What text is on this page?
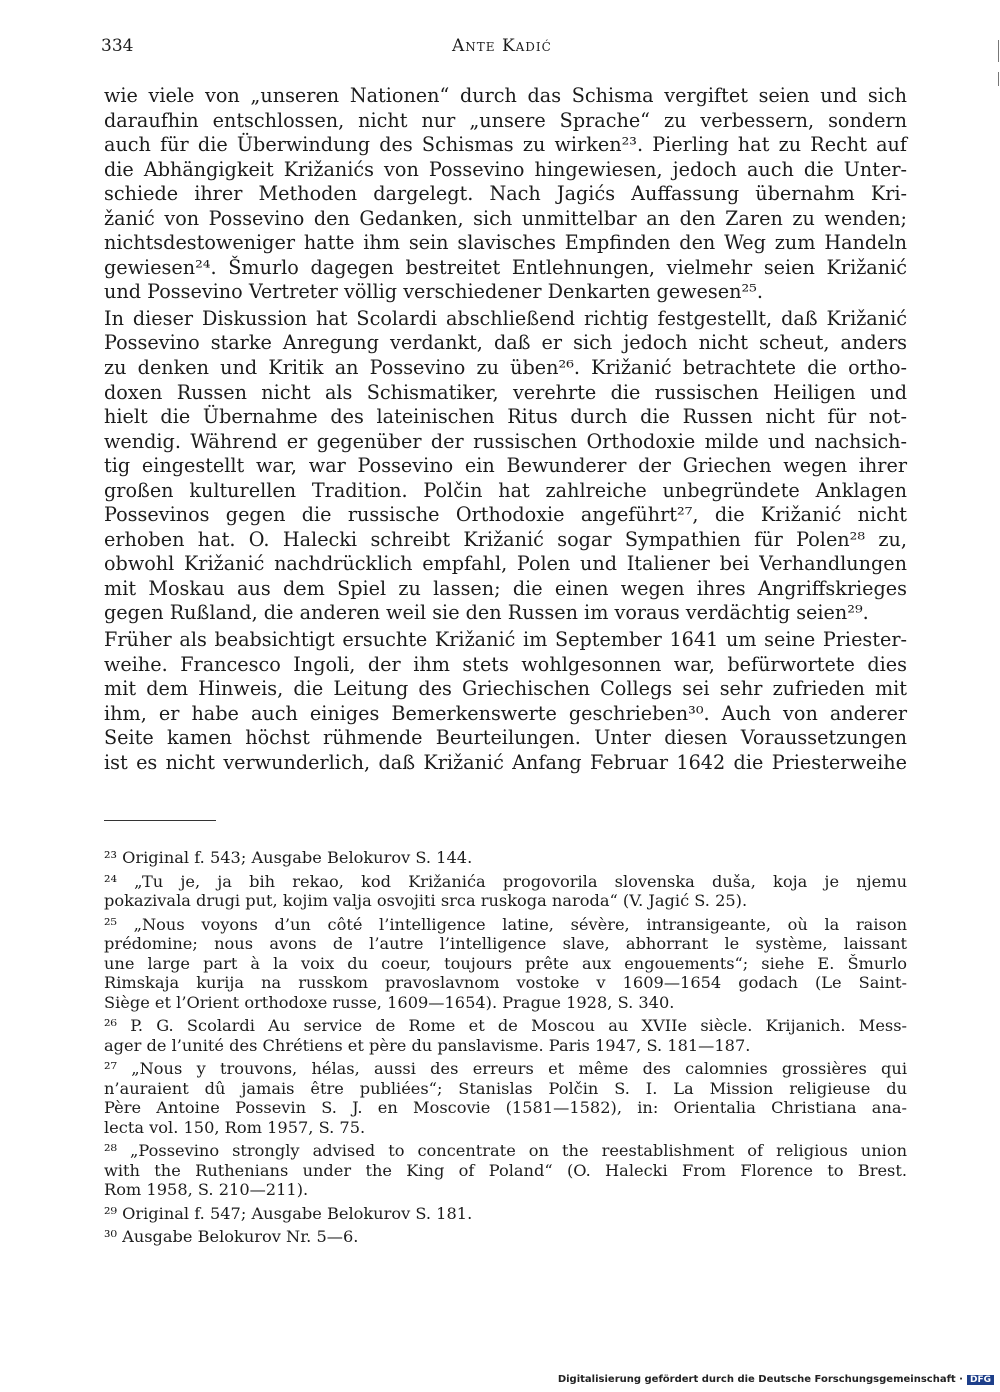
334	Ante Kadić
wie viele von „unseren Nationen“ durch das Schisma vergiftet seien und sich
daraufhin entschlossen, nicht nur „unsere Sprache“ zu verbessern, sondern
auch für die Überwindung des Schismas zu wirken²³. Pierling hat zu Recht auf
die Abhängigkeit Križanićs von Possevino hingewiesen, jedoch auch die Unter-
schiede ihrer Methoden dargelegt. Nach Jagićs Auffassung übernahm Kri-
žanić von Possevino den Gedanken, sich unmittelbar an den Zaren zu wenden;
nichtsdestoweniger hatte ihm sein slavisches Empfinden den Weg zum Handeln
gewiesen²⁴. Šmurlo dagegen bestreitet Entlehnungen, vielmehr seien Križanić
und Possevino Vertreter völlig verschiedener Denkarten gewesen²⁵.
In dieser Diskussion hat Scolardi abschließend richtig festgestellt, daß Križanić
Possevino starke Anregung verdankt, daß er sich jedoch nicht scheut, anders
zu denken und Kritik an Possevino zu üben²⁶. Križanić betrachtete die ortho-
doxen Russen nicht als Schismatiker, verehrte die russischen Heiligen und
hielt die Übernahme des lateinischen Ritus durch die Russen nicht für not-
wendig. Während er gegenüber der russischen Orthodoxie milde und nachsich-
tig eingestellt war, war Possevino ein Bewunderer der Griechen wegen ihrer
großen kulturellen Tradition. Polčin hat zahlreiche unbegründete Anklagen
Possevinos gegen die russische Orthodoxie angeführt²⁷, die Križanić nicht
erhoben hat. O. Halecki schreibt Križanić sogar Sympathien für Polen²⁸ zu,
obwohl Križanić nachdrücklich empfahl, Polen und Italiener bei Verhandlungen
mit Moskau aus dem Spiel zu lassen; die einen wegen ihres Angriffskrieges
gegen Rußland, die anderen weil sie den Russen im voraus verdächtig seien²⁹.
Früher als beabsichtigt ersuchte Križanić im September 1641 um seine Priester-
weihe. Francesco Ingoli, der ihm stets wohlgesonnen war, befürwortete dies
mit dem Hinweis, die Leitung des Griechischen Collegs sei sehr zufrieden mit
ihm, er habe auch einiges Bemerkenswerte geschrieben³⁰. Auch von anderer
Seite kamen höchst rühmende Beurteilungen. Unter diesen Voraussetzungen
ist es nicht verwunderlich, daß Križanić Anfang Februar 1642 die Priesterweihe
²³ Original f. 543; Ausgabe Belokurov S. 144.
²⁴ „Tu je, ja bih rekao, kod Križanića progovorila slovenska duša, koja je njemu
pokazivala drugi put, kojim valja osvojiti srca ruskoga naroda“ (V. Jagić S. 25).
²⁵ „Nous voyons d’un côté l’intelligence latine, sévère, intransigeante, où la raison
prédomine; nous avons de l’autre l’intelligence slave, abhorrant le système, laissant
une large part à la voix du coeur, toujours prête aux engouements“; siehe E. Šmurlo
Rimskaja kurija na russkom pravoslavnom vostoke v 1609—1654 godach (Le Saint-
Siège et l’Orient orthodoxe russe, 1609—1654). Prague 1928, S. 340.
²⁶ P. G. Scolardi Au service de Rome et de Moscou au XVIIe siècle. Krijanich. Mess-
ager de l’unité des Chrétiens et père du panslavisme. Paris 1947, S. 181—187.
²⁷ „Nous y trouvons, hélas, aussi des erreurs et même des calomnies grossières qui
n’auraient dû jamais être publiées“; Stanislas Polčin S. I. La Mission religieuse du
Père Antoine Possevin S. J. en Moscovie (1581—1582), in: Orientalia Christiana ana-
lecta vol. 150, Rom 1957, S. 75.
²⁸ „Possevino strongly advised to concentrate on the reestablishment of religious union
with the Ruthenians under the King of Poland“ (O. Halecki From Florence to Brest.
Rom 1958, S. 210—211).
²⁹ Original f. 547; Ausgabe Belokurov S. 181.
³⁰ Ausgabe Belokurov Nr. 5—6.
Digitalisierung gefördert durch die Deutsche Forschungsgemeinschaft · DFG
